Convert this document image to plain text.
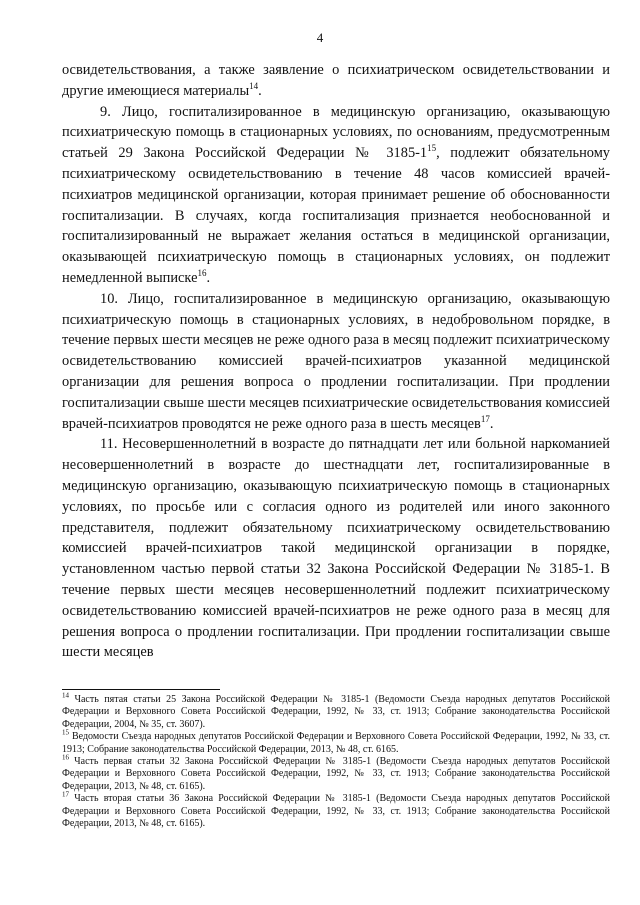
4

освидетельствования, а также заявление о психиатрическом освидетельствовании и другие имеющиеся материалы$^{14}$.

9. Лицо, госпитализированное в медицинскую организацию, оказывающую психиатрическую помощь в стационарных условиях, по основаниям, предусмотренным статьей 29 Закона Российской Федерации № $3185-1^{15}$, подлежит обязательному психиатрическому освидетельствованию в течение 48 часов комиссией врачей-психиатров медицинской организации, которая принимает решение об обоснованности госпитализации. В случаях, когда госпитализация признается необоснованной и госпитализированный не выражает желания остаться в медицинской организации, оказывающей психиатрическую помощь в стационарных условиях, он подлежит немедленной выписке$^{16}$.

10. Лицо, госпитализированное в медицинскую организацию, оказывающую психиатрическую помощь в стационарных условиях, в недобровольном порядке, в течение первых шести месяцев не реже одного раза в месяц подлежит психиатрическому освидетельствованию комиссией врачей-психиатров указанной медицинской организации для решения вопроса о продлении госпитализации. При продлении госпитализации свыше шести месяцев психиатрические освидетельствования комиссией врачей-психиатров проводятся не реже одного раза в шесть месяцев$^{17}$.

11. Несовершеннолетний в возрасте до пятнадцати лет или больной наркоманией несовершеннолетний в возрасте до шестнадцати лет, госпитализированные в медицинскую организацию, оказывающую психиатрическую помощь в стационарных условиях, по просьбе или с согласия одного из родителей или иного законного представителя, подлежит обязательному психиатрическому освидетельствованию комиссией врачей-психиатров такой медицинской организации в порядке, установленном частью первой статьи 32 Закона Российской Федерации № 3185-1. В течение первых шести месяцев несовершеннолетний подлежит психиатрическому освидетельствованию комиссией врачей-психиатров не реже одного раза в месяц для решения вопроса о продлении госпитализации. При продлении госпитализации свыше шести месяцев

$^{14}$ Часть пятая статьи 25 Закона Российской Федерации № 3185-1 (Ведомости Съезда народных депутатов Российской Федерации и Верховного Совета Российской Федерации, 1992, № 33, ст. 1913; Собрание законодательства Российской Федерации, 2004, № 35, ст. 3607).

$^{15}$ Ведомости Съезда народных депутатов Российской Федерации и Верховного Совета Российской Федерации, 1992, № 33, ст. 1913; Собрание законодательства Российской Федерации, 2013, № 48, ст. 6165.

$^{16}$ Часть первая статьи 32 Закона Российской Федерации № 3185-1 (Ведомости Съезда народных депутатов Российской Федерации и Верховного Совета Российской Федерации, 1992, № 33, ст. 1913; Собрание законодательства Российской Федерации, 2013, № 48, ст. 6165).

$^{17}$ Часть вторая статьи 36 Закона Российской Федерации № 3185-1 (Ведомости Съезда народных депутатов Российской Федерации и Верховного Совета Российской Федерации, 1992, № 33, ст. 1913; Собрание законодательства Российской Федерации, 2013, № 48, ст. 6165).
